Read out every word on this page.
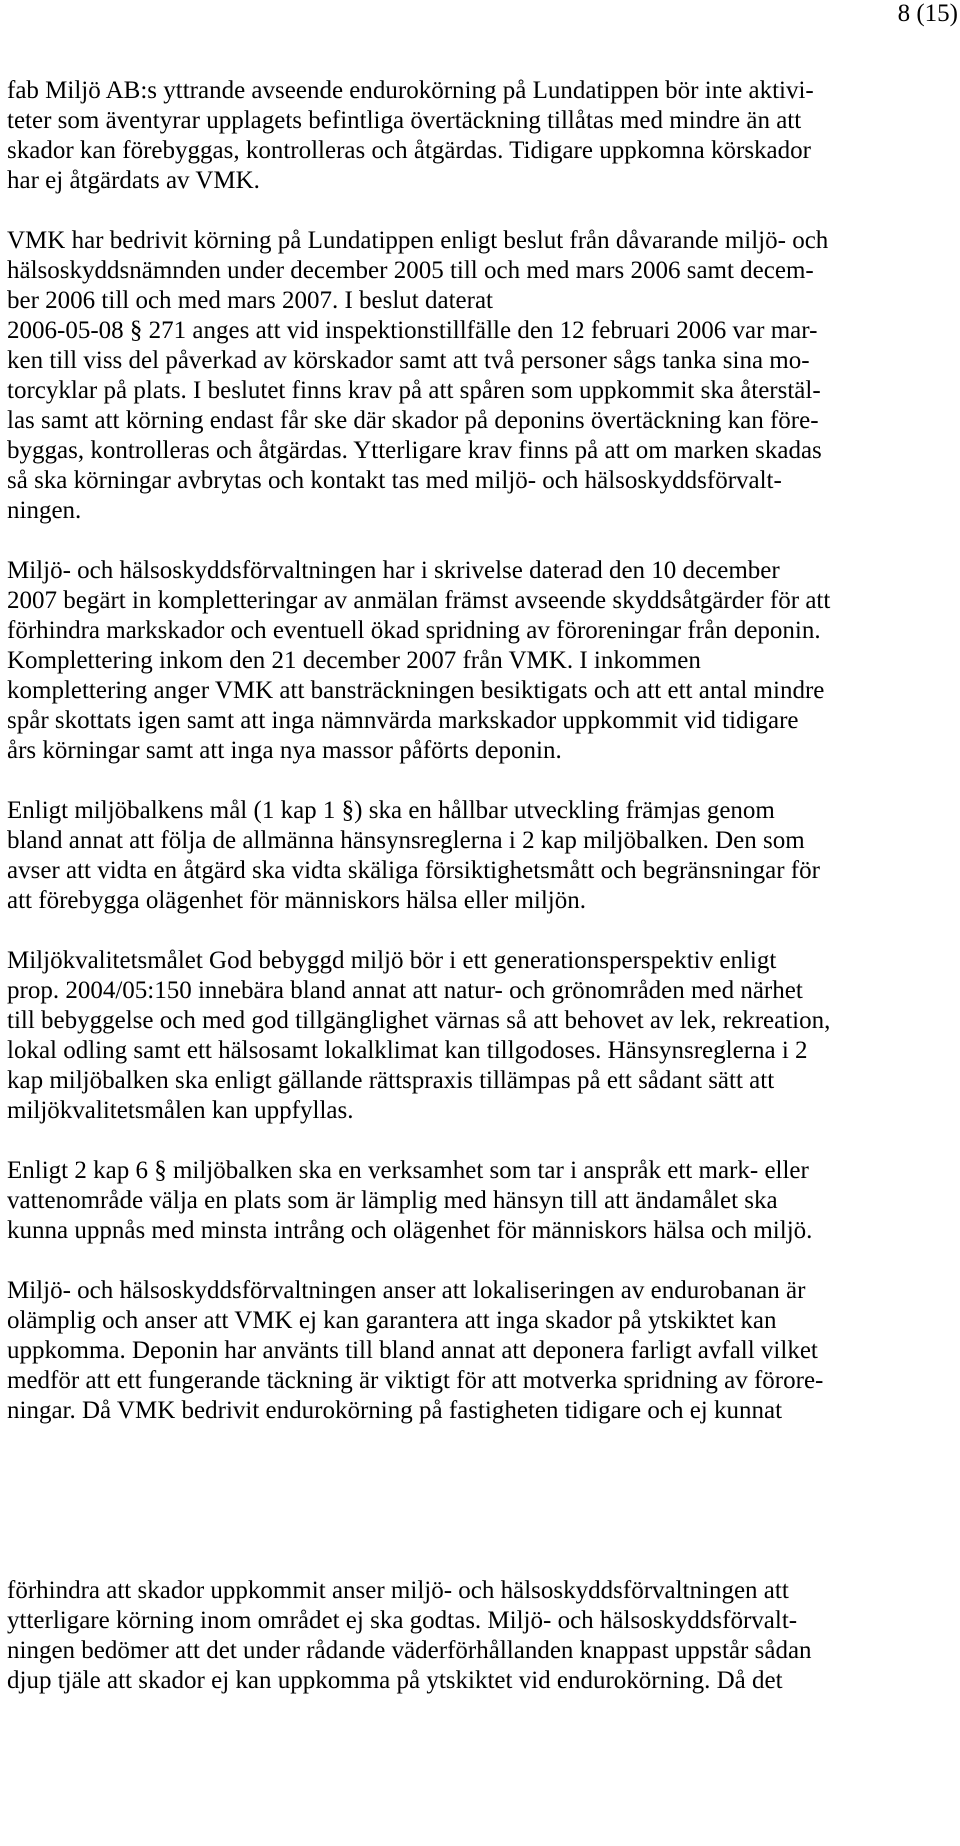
8 (15)

fab Miljö AB:s yttrande avseende endurokörning på Lundatippen bör inte aktivi-
teter som äventyrar upplagets befintliga övertäckning tillåtas med mindre än att
skador kan förebyggas, kontrolleras och åtgärdas. Tidigare uppkomna körskador
har ej åtgärdats av VMK.

VMK har bedrivit körning på Lundatippen enligt beslut från dåvarande miljö- och
hälsoskyddsnämnden under december 2005 till och med mars 2006 samt decem-
ber 2006 till och med mars 2007. I beslut daterat
2006-05-08 § 271 anges att vid inspektionstillfälle den 12 februari 2006 var mar-
ken till viss del påverkad av körskador samt att två personer sågs tanka sina mo-
torcyklar på plats. I beslutet finns krav på att spåren som uppkommit ska återstäl-
las samt att körning endast får ske där skador på deponins övertäckning kan före-
byggas, kontrolleras och åtgärdas. Ytterligare krav finns på att om marken skadas
så ska körningar avbrytas och kontakt tas med miljö- och hälsoskyddsförvalt-
ningen.

Miljö- och hälsoskyddsförvaltningen har i skrivelse daterad den 10 december
2007 begärt in kompletteringar av anmälan främst avseende skyddsåtgärder för att
förhindra markskador och eventuell ökad spridning av föroreningar från deponin.
Komplettering inkom den 21 december 2007 från VMK. I inkommen
komplettering anger VMK att bansträckningen besiktigats och att ett antal mindre
spår skottats igen samt att inga nämnvärda markskador uppkommit vid tidigare
års körningar samt att inga nya massor påförts deponin.

Enligt miljöbalkens mål (1 kap 1 §) ska en hållbar utveckling främjas genom
bland annat att följa de allmänna hänsynsreglerna i 2 kap miljöbalken. Den som
avser att vidta en åtgärd ska vidta skäliga försiktighetsmått och begränsningar för
att förebygga olägenhet för människors hälsa eller miljön.

Miljökvalitetsmålet God bebyggd miljö bör i ett generationsperspektiv enligt
prop. 2004/05:150 innebära bland annat att natur- och grönområden med närhet
till bebyggelse och med god tillgänglighet värnas så att behovet av lek, rekreation,
lokal odling samt ett hälsosamt lokalklimat kan tillgodoses. Hänsynsreglerna i 2
kap miljöbalken ska enligt gällande rättspraxis tillämpas på ett sådant sätt att
miljökvalitetsmålen kan uppfyllas.

Enligt 2 kap 6 § miljöbalken ska en verksamhet som tar i anspråk ett mark- eller
vattenområde välja en plats som är lämplig med hänsyn till att ändamålet ska
kunna uppnås med minsta intrång och olägenhet för människors hälsa och miljö.

Miljö- och hälsoskyddsförvaltningen anser att lokaliseringen av endurobanan är
olämplig och anser att VMK ej kan garantera att inga skador på ytskiktet kan
uppkomma. Deponin har använts till bland annat att deponera farligt avfall vilket
medför att ett fungerande täckning är viktigt för att motverka spridning av förore-
ningar. Då VMK bedrivit endurokörning på fastigheten tidigare och ej kunnat

förhindra att skador uppkommit anser miljö- och hälsoskyddsförvaltningen att
ytterligare körning inom området ej ska godtas. Miljö- och hälsoskyddsförvalt-
ningen bedömer att det under rådande väderförhållanden knappast uppstår sådan
djup tjäle att skador ej kan uppkomma på ytskiktet vid endurokörning. Då det
